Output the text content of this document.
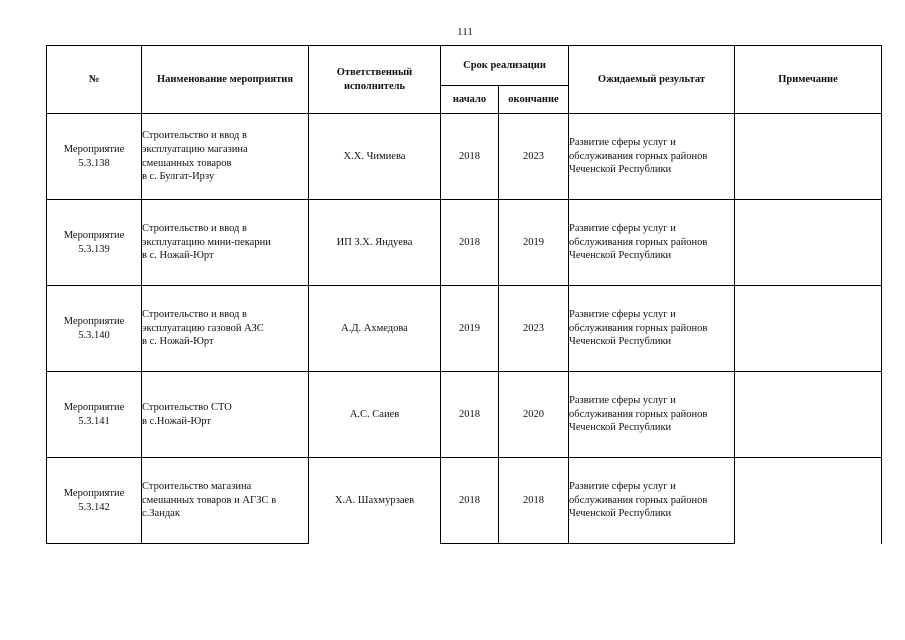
111
№	Наименование мероприятия	Ответственный
исполнитель	Срок реализации		Ожидаемый результат	Примечание
			начало	окончание		

Мероприятие
5.3.138	Строительство и ввод в
эксплуатацию магазина
смешанных товаров
в с. Булгат-Ирзу	Х.Х. Чимиева	2018	2023	Развитие сферы услуг и
обслуживания горных районов
Чеченской Республики	

Мероприятие
5.3.139	Строительство и ввод в
эксплуатацию мини-пекарни
в с. Ножай-Юрт	ИП З.Х. Яндуева	2018	2019	Развитие сферы услуг и
обслуживания горных районов
Чеченской Республики	

Мероприятие
5.3.140	Строительство и ввод в
эксплуатацию газовой АЗС
в с. Ножай-Юрт	А.Д. Ахмедова	2019	2023	Развитие сферы услуг и
обслуживания горных районов
Чеченской Республики	

Мероприятие
5.3.141	Строительство СТО
в с.Ножай-Юрт	А.С. Саиев	2018	2020	Развитие сферы услуг и
обслуживания горных районов
Чеченской Республики	

Мероприятие
5.3.142	Строительство магазина
смешанных товаров и АГЗС в
с.Зандак	Х.А. Шахмурзаев	2018	2018	Развитие сферы услуг и
обслуживания горных районов
Чеченской Республики	
